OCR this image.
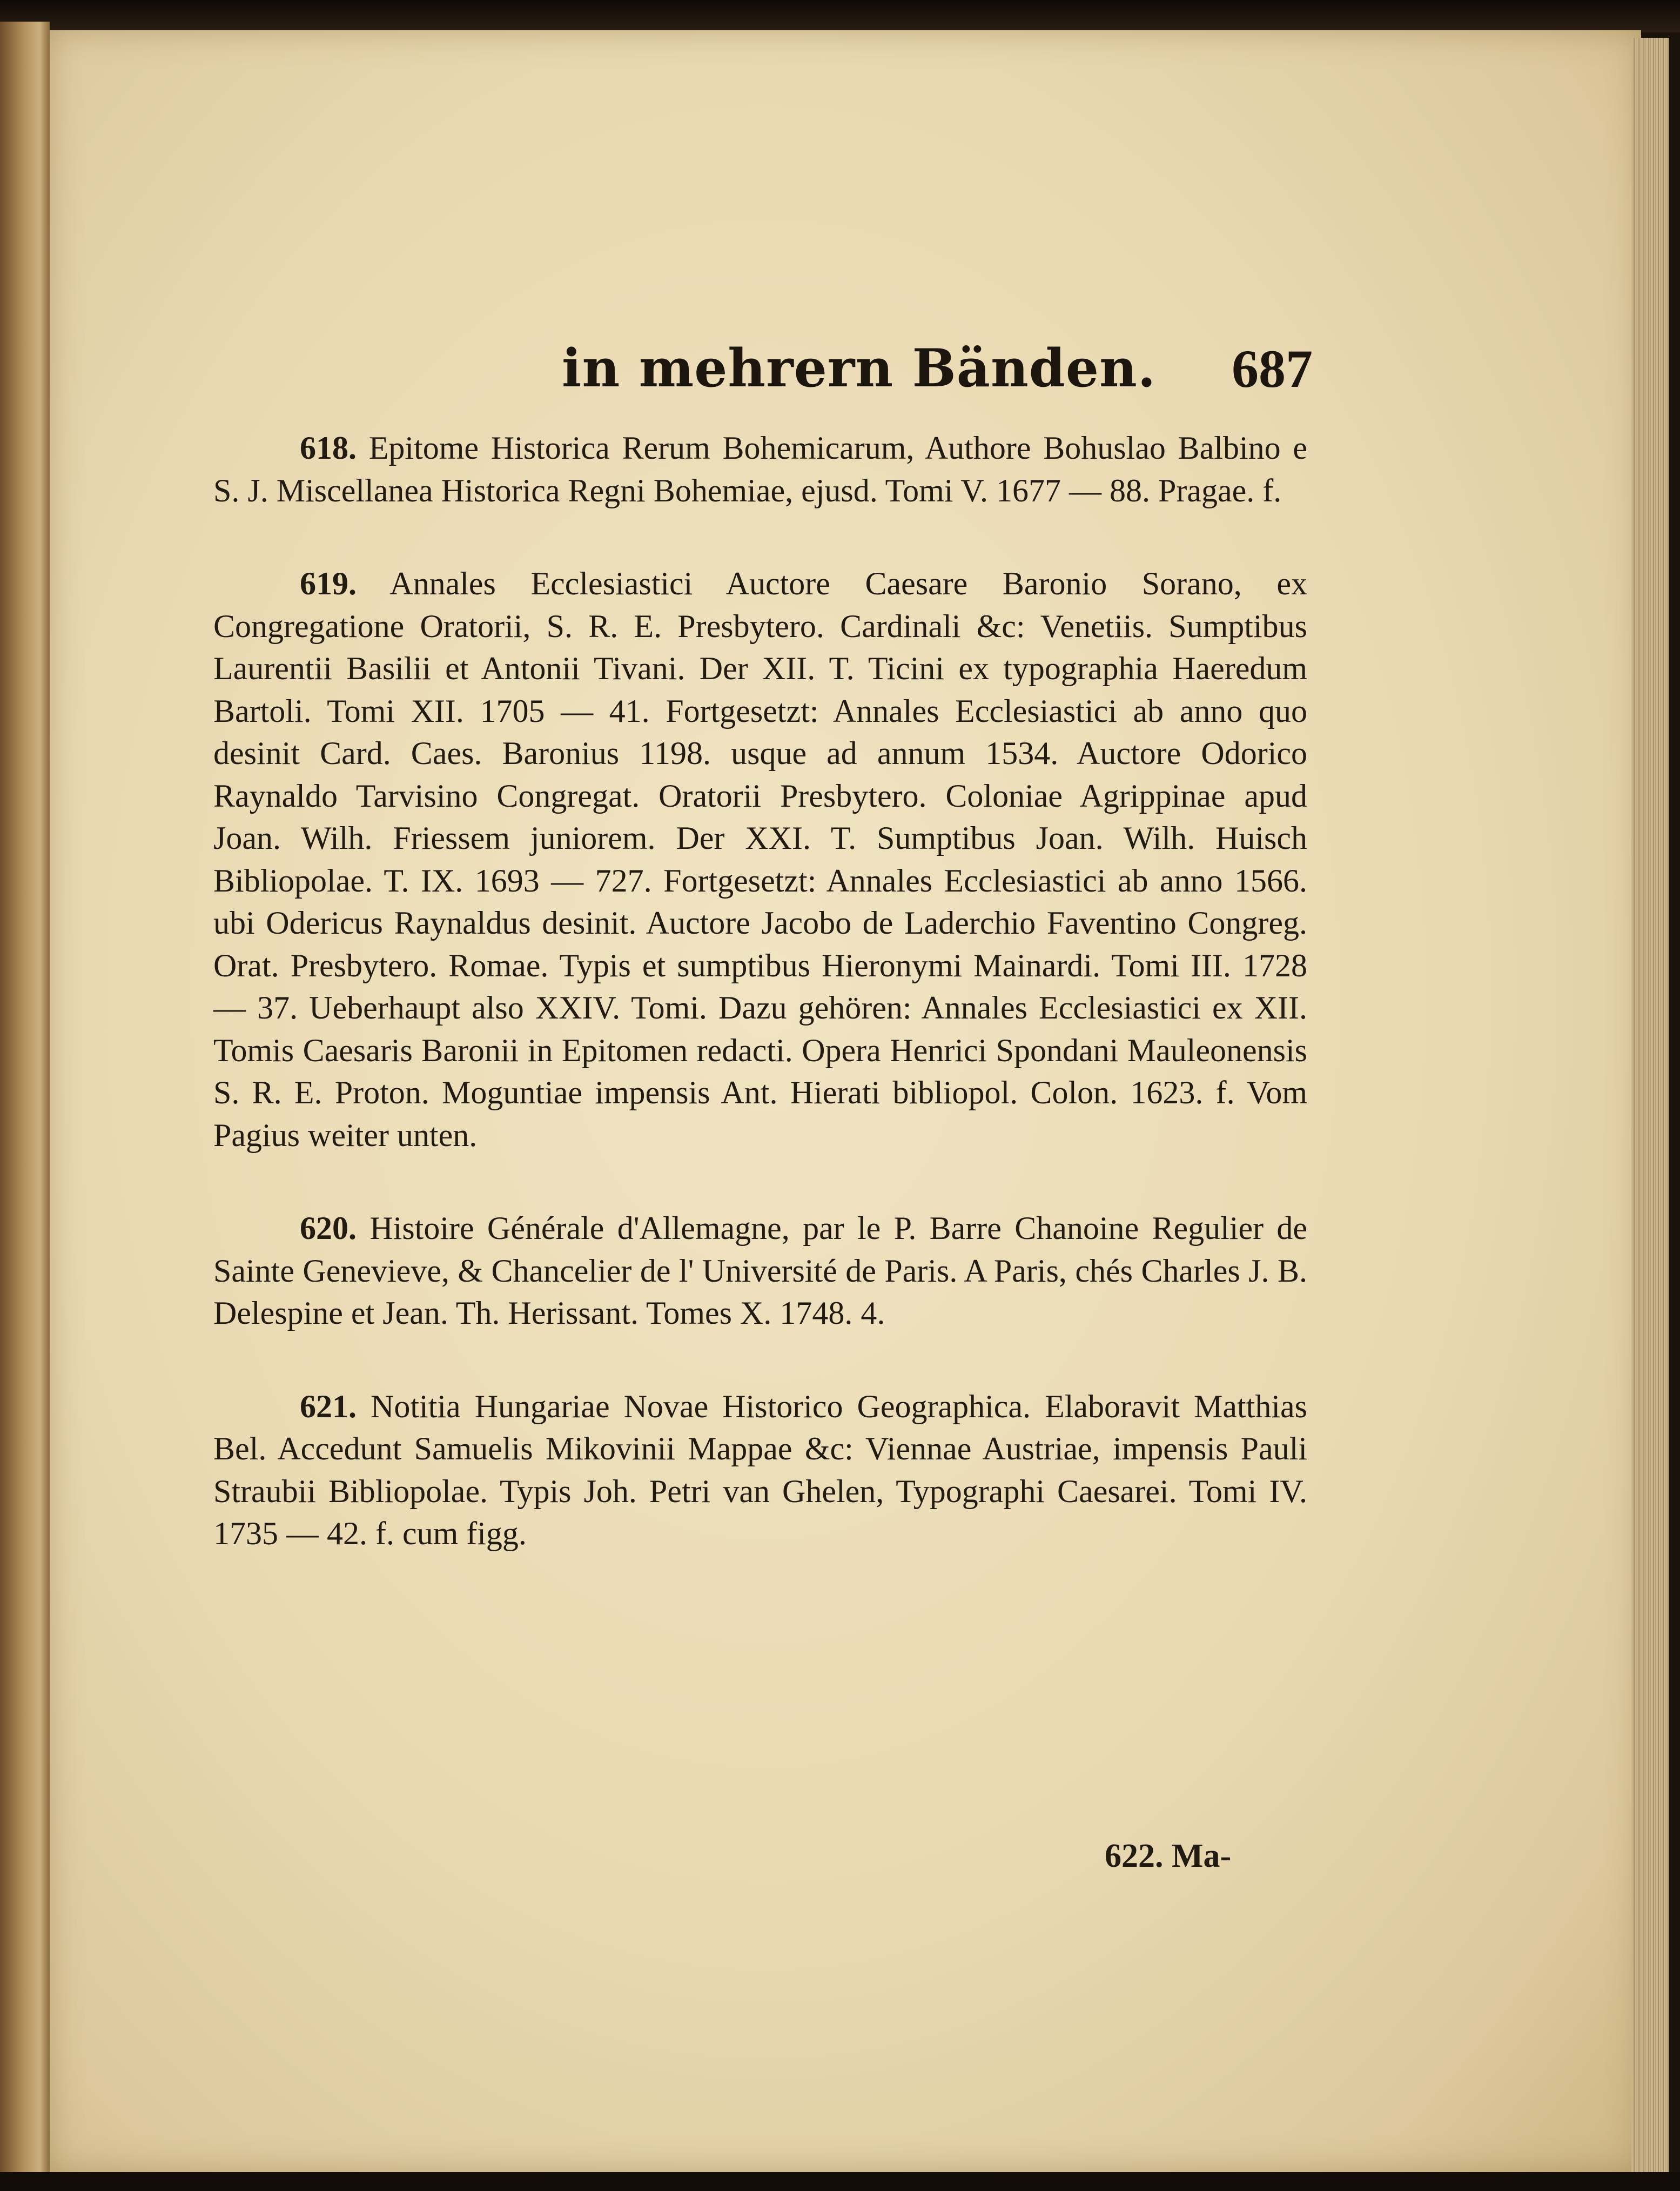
in mehrern Bänden. 687

618. Epitome Historica Rerum Bohemicarum, Authore Bohuslao Balbino e S. J. Miscellanea Historica Regni Bohemiae, ejusd. Tomi V. 1677 — 88. Pragae. f.

619. Annales Ecclesiastici Auctore Caesare Baronio Sorano, ex Congregatione Oratorii, S. R. E. Presbytero. Cardinali &c: Venetiis. Sumptibus Laurentii Basilii et Antonii Tivani. Der XII. T. Ticini ex typographia Haeredum Bartoli. Tomi XII. 1705 — 41. Fortgesetzt: Annales Ecclesiastici ab anno quo desinit Card. Caes. Baronius 1198. usque ad annum 1534. Auctore Odorico Raynaldo Tarvisino Congregat. Oratorii Presbytero. Coloniae Agrippinae apud Joan. Wilh. Friessem juniorem. Der XXI. T. Sumptibus Joan. Wilh. Huisch Bibliopolae. T. IX. 1693 — 727. Fortgesetzt: Annales Ecclesiastici ab anno 1566. ubi Odericus Raynaldus desinit. Auctore Jacobo de Laderchio Faventino Congreg. Orat. Presbytero. Romae. Typis et sumptibus Hieronymi Mainardi. Tomi III. 1728 — 37. Ueberhaupt also XXIV. Tomi. Dazu gehören: Annales Ecclesiastici ex XII. Tomis Caesaris Baronii in Epitomen redacti. Opera Henrici Spondani Mauleonensis S. R. E. Proton. Moguntiae impensis Ant. Hierati bibliopol. Colon. 1623. f. Vom Pagius weiter unten.

620. Histoire Générale d'Allemagne, par le P. Barre Chanoine Regulier de Sainte Genevieve, & Chancelier de l' Université de Paris. A Paris, chés Charles J. B. Delespine et Jean. Th. Herissant. Tomes X. 1748. 4.

621. Notitia Hungariae Novae Historico Geographica. Elaboravit Matthias Bel. Accedunt Samuelis Mikovinii Mappae &c: Viennae Austriae, impensis Pauli Straubii Bibliopolae. Typis Joh. Petri van Ghelen, Typographi Caesarei. Tomi IV. 1735 — 42. f. cum figg.

622. Ma-
